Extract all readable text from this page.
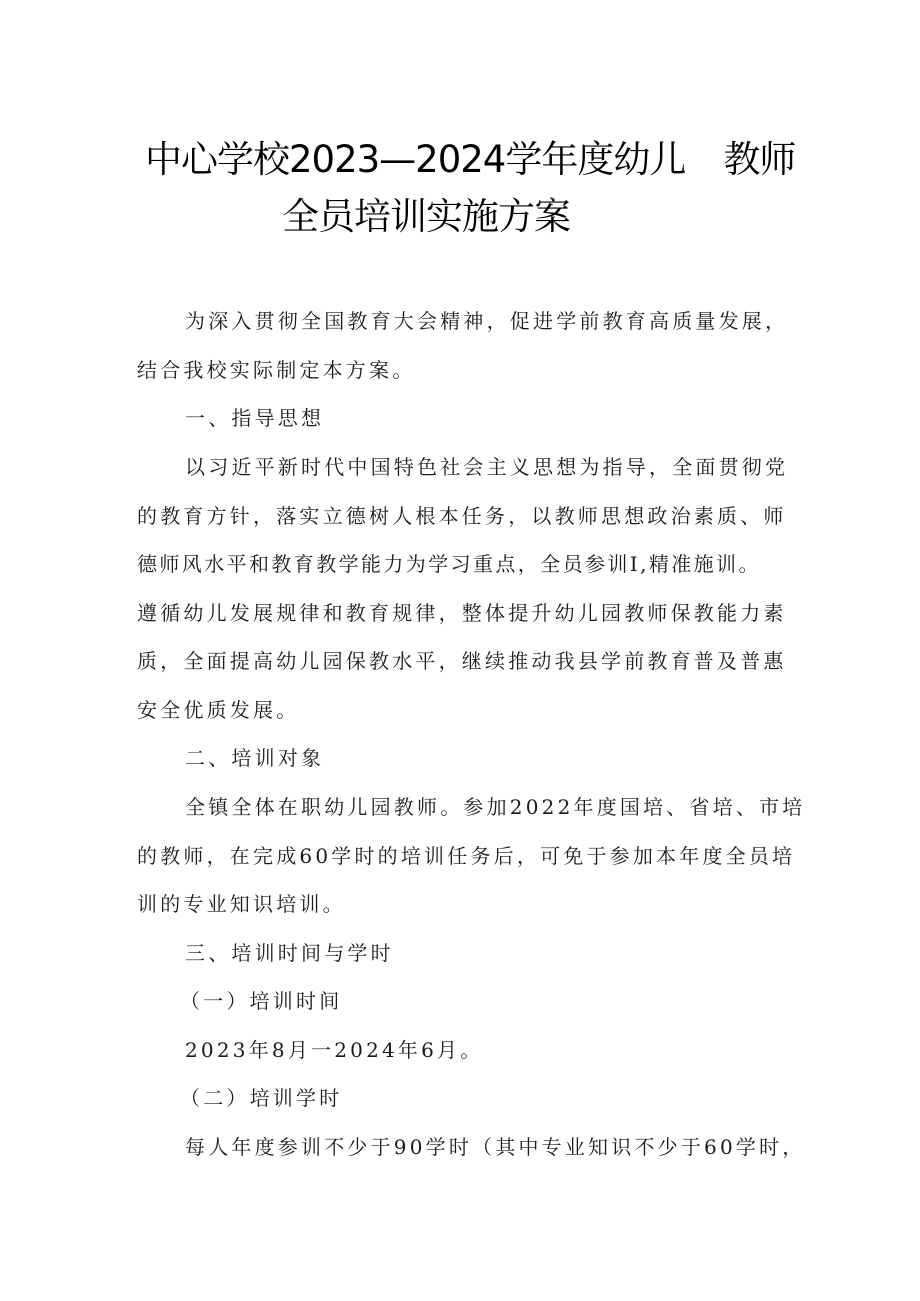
中心学校2023—2024学年度幼儿 教师
全员培训实施方案
为深入贯彻全国教育大会精神，促进学前教育高质量发展，
结合我校实际制定本方案。
一、指导思想
以习近平新时代中国特色社会主义思想为指导，全面贯彻党
的教育方针，落实立德树人根本任务，以教师思想政治素质、师
德师风水平和教育教学能力为学习重点，全员参训I,精准施训。
遵循幼儿发展规律和教育规律，整体提升幼儿园教师保教能力素
质，全面提高幼儿园保教水平，继续推动我县学前教育普及普惠
安全优质发展。
二、培训对象
全镇全体在职幼儿园教师。参加2022年度国培、省培、市培
的教师，在完成60学时的培训任务后，可免于参加本年度全员培
训的专业知识培训。
三、培训时间与学时
（一）培训时间
2023年8月一2024年6月。
（二）培训学时
每人年度参训不少于90学时（其中专业知识不少于60学时，
